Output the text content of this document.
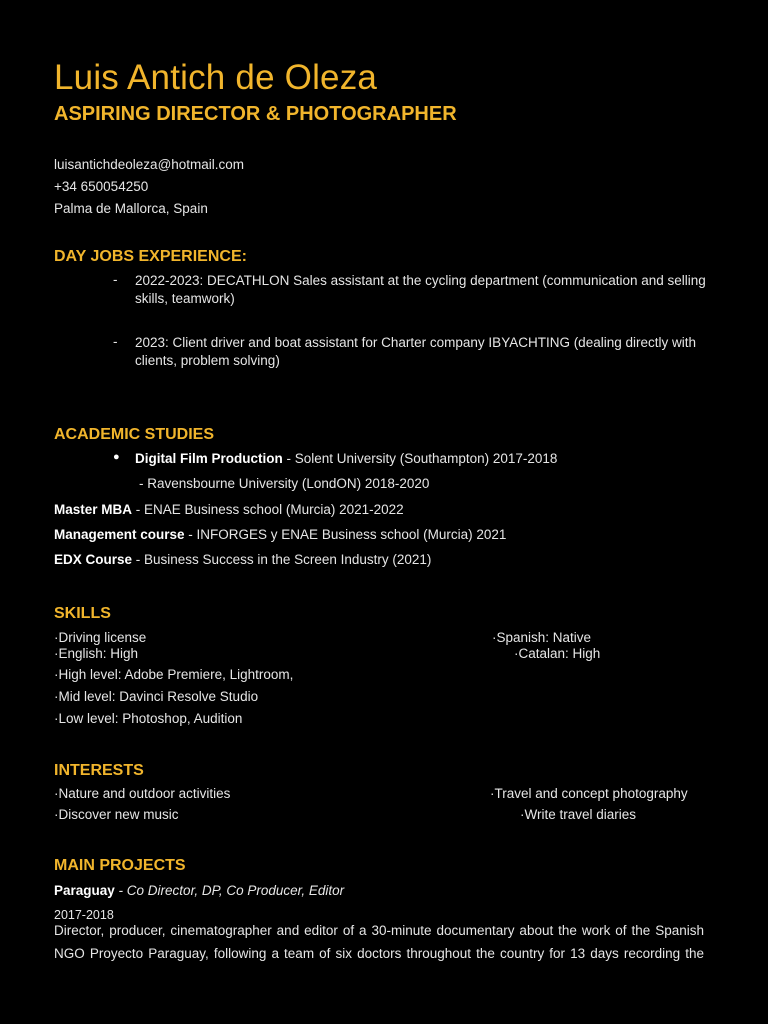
Luis Antich de Oleza
ASPIRING DIRECTOR & PHOTOGRAPHER
luisantichdeoleza@hotmail.com
+34 650054250
Palma de Mallorca, Spain
DAY JOBS EXPERIENCE:
- 2022-2023: DECATHLON Sales assistant at the cycling department (communication and selling skills, teamwork)
- 2023: Client driver and boat assistant for Charter company IBYACHTING (dealing directly with clients, problem solving)
ACADEMIC STUDIES
● Digital Film Production - Solent University (Southampton) 2017-2018
- Ravensbourne University (LondON) 2018-2020
Master MBA - ENAE Business school (Murcia) 2021-2022
Management course - INFORGES y ENAE Business school (Murcia) 2021
EDX Course - Business Success in the Screen Industry (2021)
SKILLS
·Driving license	·Spanish: Native
·English: High	·Catalan: High
·High level: Adobe Premiere, Lightroom,
·Mid level: Davinci Resolve Studio
·Low level: Photoshop, Audition
INTERESTS
·Nature and outdoor activities	·Travel and concept photography
·Discover new music	·Write travel diaries
MAIN PROJECTS
Paraguay - Co Director, DP, Co Producer, Editor
2017-2018
Director, producer, cinematographer and editor of a 30-minute documentary about the work of the Spanish
NGO Proyecto Paraguay, following a team of six doctors throughout the country for 13 days recording the
